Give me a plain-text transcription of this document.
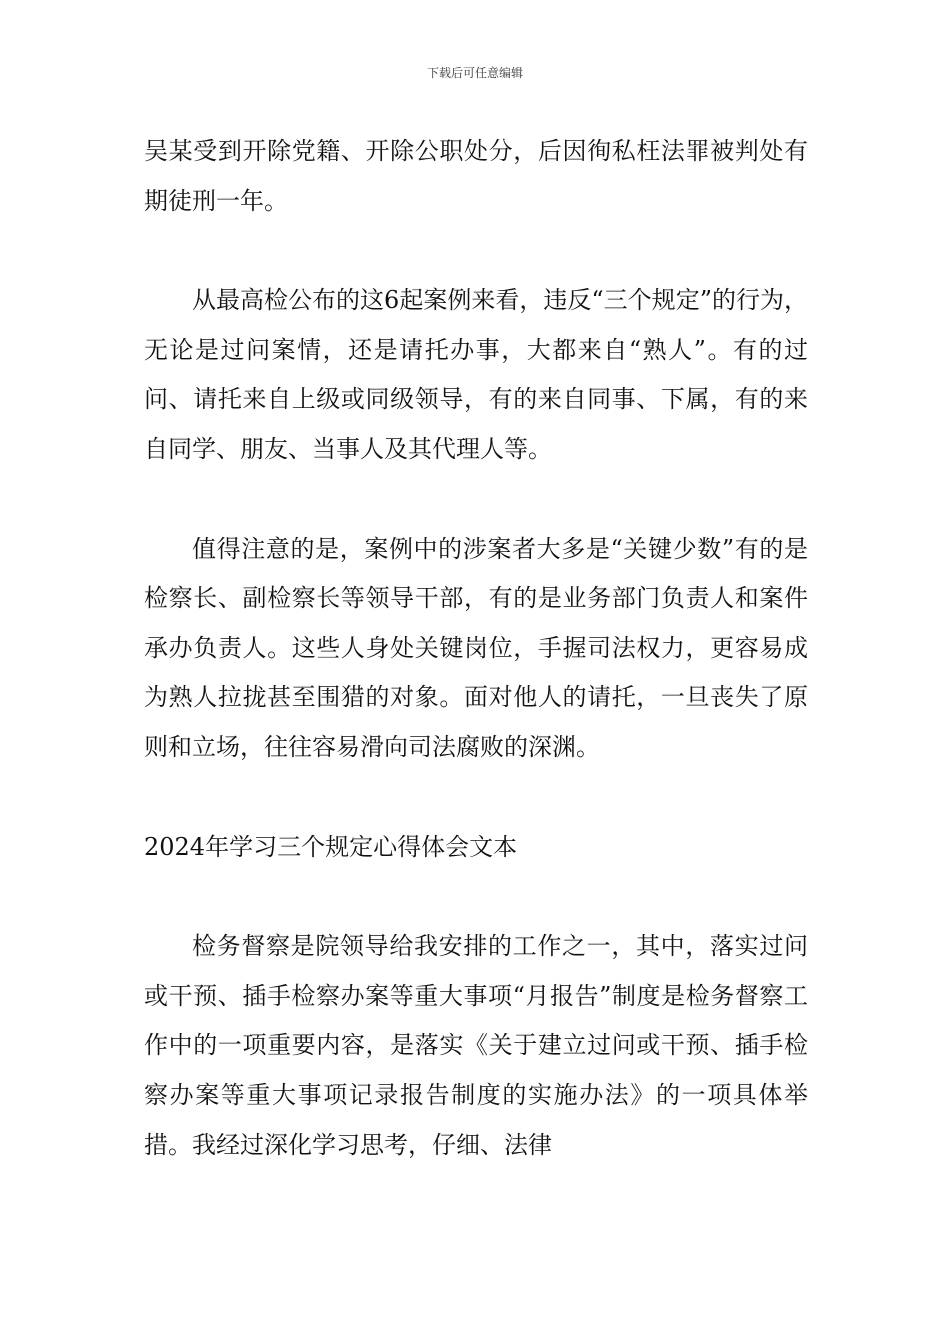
下载后可任意编辑

吴某受到开除党籍、开除公职处分，后因徇私枉法罪被判处有期徒刑一年。

从最高检公布的这6起案例来看，违反“三个规定”的行为，无论是过问案情，还是请托办事，大都来自“熟人”。有的过问、请托来自上级或同级领导，有的来自同事、下属，有的来自同学、朋友、当事人及其代理人等。

值得注意的是，案例中的涉案者大多是“关键少数”有的是检察长、副检察长等领导干部，有的是业务部门负责人和案件承办负责人。这些人身处关键岗位，手握司法权力，更容易成为熟人拉拢甚至围猎的对象。面对他人的请托，一旦丧失了原则和立场，往往容易滑向司法腐败的深渊。

2024年学习三个规定心得体会文本

检务督察是院领导给我安排的工作之一，其中，落实过问或干预、插手检察办案等重大事项“月报告”制度是检务督察工作中的一项重要内容，是落实《关于建立过问或干预、插手检察办案等重大事项记录报告制度的实施办法》的一项具体举措。我经过深化学习思考，仔细、法律
